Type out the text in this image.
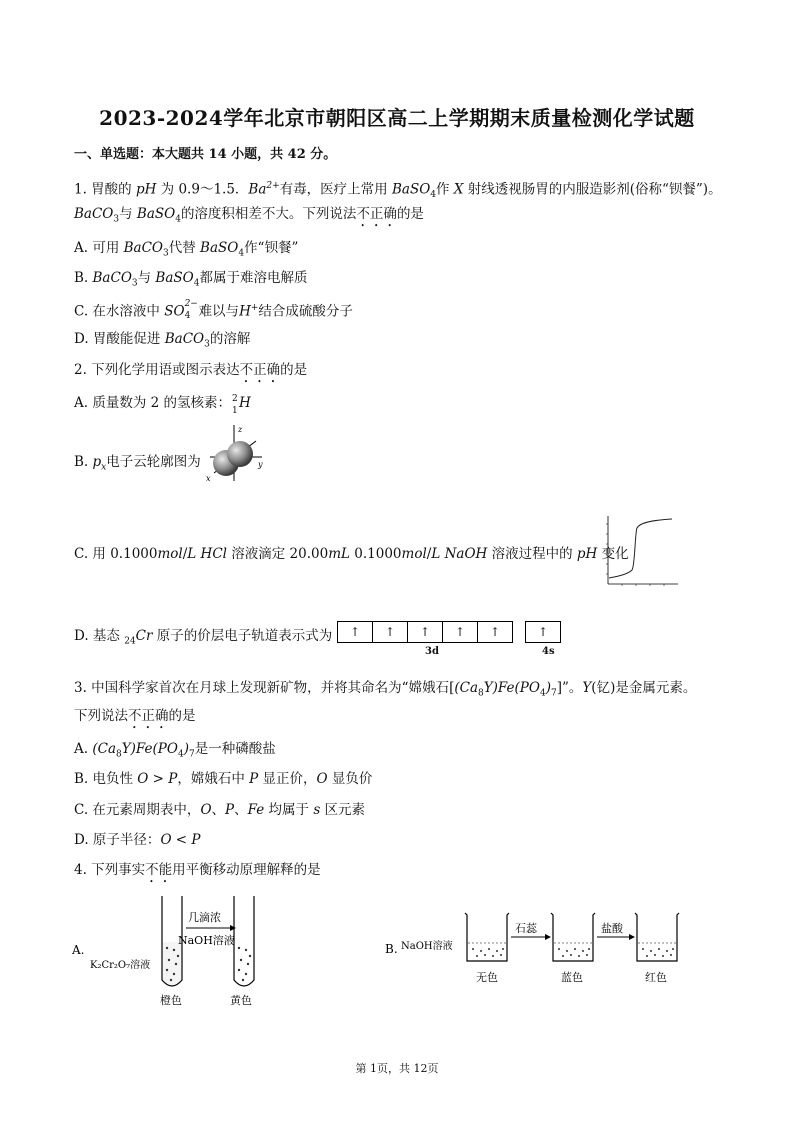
2023-2024学年北京市朝阳区高二上学期期末质量检测化学试题
一、单选题：本大题共 14 小题，共 42 分。
1. 胃酸的 pH 为 0.9～1.5．$Ba^{2+}$有毒，医疗上常用 BaSO$_4$作 X 射线透视肠胃的内服造影剂(俗称“钡餐”)。
BaCO$_3$与 BaSO$_4$的溶度积相差不大。下列说法不正确的是
A. 可用 BaCO$_3$代替 BaSO$_4$作“钡餐”
B. BaCO$_3$与 BaSO$_4$都属于难溶电解质
C. 在水溶液中 SO 2−
4 难以与H+结合成硫酸分子
D. 胃酸能促进 BaCO$_3$的溶解
2. 下列化学用语或图示表达不正确的是
A. 质量数为 2 的氢核素： 2
1 H
B. $p_x$电子云轮廓图为
z
y
x
C. 用 0.1000mol/L HCl 溶液滴定 20.00mL 0.1000mol/L NaOH 溶液过程中的 pH 变化
D. 基态 $_{24}$Cr 原子的价层电子轨道表示式为	↑ ↑ ↑ ↑ ↑	↑
3d	4s
3. 中国科学家首次在月球上发现新矿物，并将其命名为“嫦娥石$[(Ca_8Y)Fe(PO_4)_7]$”。Y(钇)是金属元素。
下列说法不正确的是
A. $(Ca_8Y)Fe(PO_4)_7$是一种磷酸盐
B. 电负性 O > P，嫦娥石中 P 显正价，O 显负价
C. 在元素周期表中，O、P、Fe 均属于 s 区元素
D. 原子半径：O < P
4. 下列事实不能用平衡移动原理解释的是
A.
K₂Cr₂O₇溶液
几滴浓
NaOH溶液
橙色	黄色
B. NaOH溶液
石蕊	盐酸
无色	蓝色	红色
第 1页，共 12页
